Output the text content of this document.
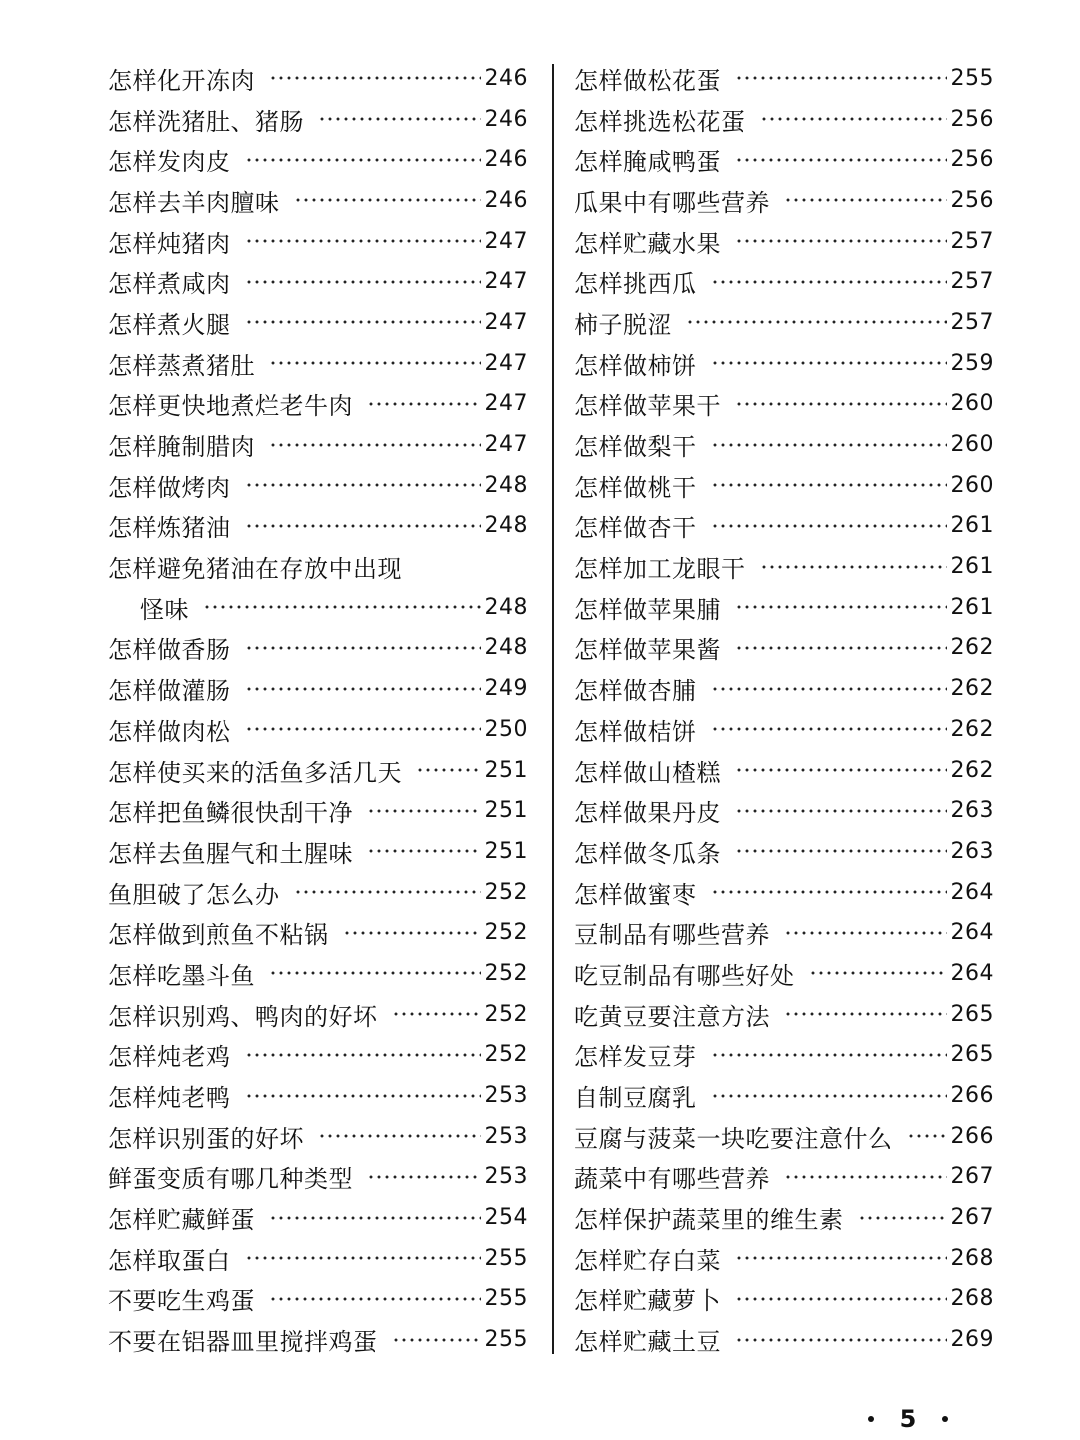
怎样化开冻肉	246
怎样洗猪肚、猪肠	246
怎样发肉皮	246
怎样去羊肉膻味	246
怎样炖猪肉	247
怎样煮咸肉	247
怎样煮火腿	247
怎样蒸煮猪肚	247
怎样更快地煮烂老牛肉	247
怎样腌制腊肉	247
怎样做烤肉	248
怎样炼猪油	248
怎样避免猪油在存放中出现
怪味	248
怎样做香肠	248
怎样做灌肠	249
怎样做肉松	250
怎样使买来的活鱼多活几天	251
怎样把鱼鳞很快刮干净	251
怎样去鱼腥气和土腥味	251
鱼胆破了怎么办	252
怎样做到煎鱼不粘锅	252
怎样吃墨斗鱼	252
怎样识别鸡、鸭肉的好坏	252
怎样炖老鸡	252
怎样炖老鸭	253
怎样识别蛋的好坏	253
鲜蛋变质有哪几种类型	253
怎样贮藏鲜蛋	254
怎样取蛋白	255
不要吃生鸡蛋	255
不要在铝器皿里搅拌鸡蛋	255
怎样做松花蛋	255
怎样挑选松花蛋	256
怎样腌咸鸭蛋	256
瓜果中有哪些营养	256
怎样贮藏水果	257
怎样挑西瓜	257
柿子脱涩	257
怎样做柿饼	259
怎样做苹果干	260
怎样做梨干	260
怎样做桃干	260
怎样做杏干	261
怎样加工龙眼干	261
怎样做苹果脯	261
怎样做苹果酱	262
怎样做杏脯	262
怎样做桔饼	262
怎样做山楂糕	262
怎样做果丹皮	263
怎样做冬瓜条	263
怎样做蜜枣	264
豆制品有哪些营养	264
吃豆制品有哪些好处	264
吃黄豆要注意方法	265
怎样发豆芽	265
自制豆腐乳	266
豆腐与菠菜一块吃要注意什么	266
蔬菜中有哪些营养	267
怎样保护蔬菜里的维生素	267
怎样贮存白菜	268
怎样贮藏萝卜	268
怎样贮藏土豆	269
5
